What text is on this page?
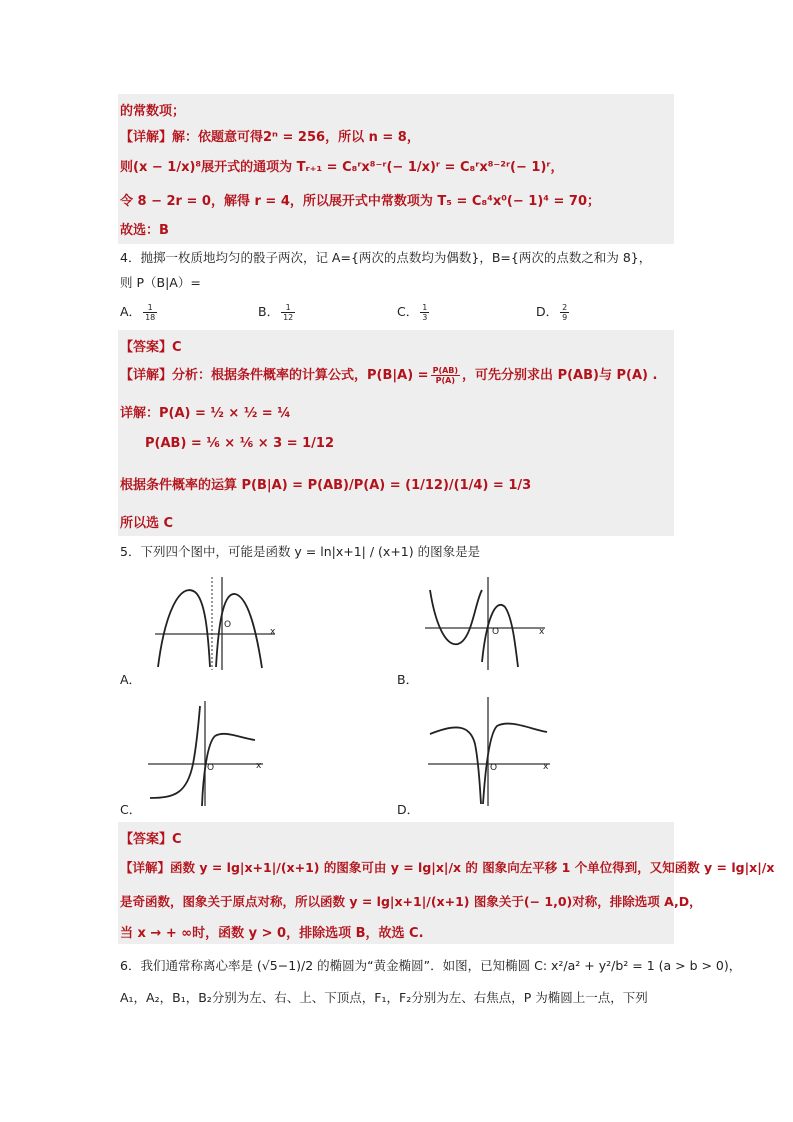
的常数项；
【详解】解：依题意可得2ⁿ = 256，所以 n = 8，
则(x − 1/x)⁸展开式的通项为 Tᵣ₊₁ = C₈ʳx⁸⁻ʳ(− 1/x)ʳ = C₈ʳx⁸⁻²ʳ(− 1)ʳ，
令 8 − 2r = 0，解得 r = 4，所以展开式中常数项为 T₅ = C₈⁴x⁰(− 1)⁴ = 70；
故选：B
4．抛掷一枚质地均匀的骰子两次，记 A={两次的点数均为偶数}，B={两次的点数之和为 8}，
则 P（B|A）=
A． $\frac{1}{18}$	B． $\frac{1}{12}$	C． $\frac{1}{3}$	D． $\frac{2}{9}$
【答案】C
【详解】分析：根据条件概率的计算公式，$P(B|A) = \frac{P(AB)}{P(A)}$ ，可先分别求出 P(AB)与 P(A) .
详解：P(A) = ½ × ½ = ¼
P(AB) = ⅙ × ⅙ × 3 = 1/12
根据条件概率的运算 P(B|A) = P(AB)/P(A) = (1/12)/(1/4) = 1/3
所以选 C
5．下列四个图中，可能是函数 y = ln|x+1| / (x+1) 的图象是是
O
x
A．
O	x
B．
O	x
C．
O	x
D．
【答案】C
【详解】函数 y = lg|x+1|/(x+1) 的图象可由 y = lg|x|/x 的 图象向左平移 1 个单位得到，又知函数 y = lg|x|/x
是奇函数，图象关于原点对称，所以函数 y = lg|x+1|/(x+1) 图象关于(− 1,0)对称，排除选项 A,D，
当 x → + ∞时，函数 y > 0，排除选项 B，故选 C.
6．我们通常称离心率是 (√5−1)/2 的椭圆为“黄金椭圆”．如图，已知椭圆 C: x²/a² + y²/b² = 1 (a > b > 0)，
A₁，A₂，B₁，B₂分别为左、右、上、下顶点，F₁，F₂分别为左、右焦点，P 为椭圆上一点，下列
